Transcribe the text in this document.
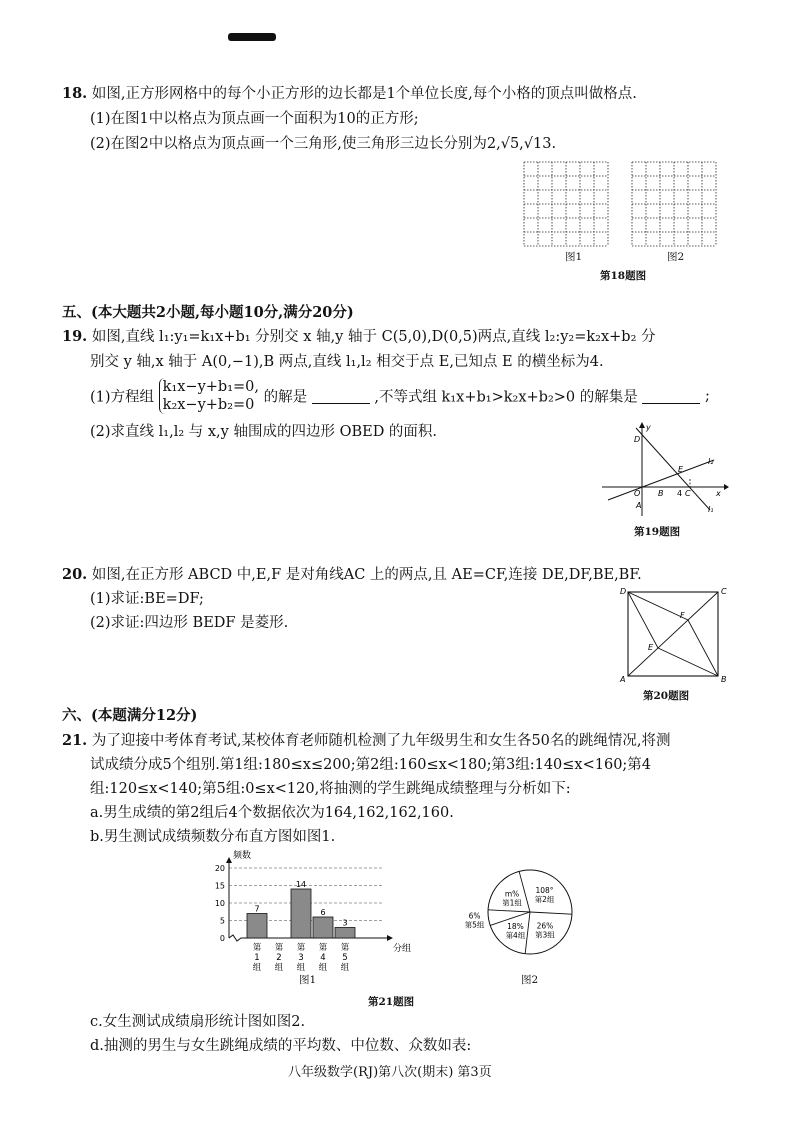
18. 如图,正方形网格中的每个小正方形的边长都是1个单位长度,每个小格的顶点叫做格点.
(1)在图1中以格点为顶点画一个面积为10的正方形;
(2)在图2中以格点为顶点画一个三角形,使三角形三边长分别为2,√5,√13.
图1	图2
第18题图
五、(本大题共2小题,每小题10分,满分20分)
19. 如图,直线 l₁:y₁=k₁x+b₁ 分别交 x 轴,y 轴于 C(5,0),D(0,5)两点,直线 l₂:y₂=k₂x+b₂ 分
别交 y 轴,x 轴于 A(0,−1),B 两点,直线 l₁,l₂ 相交于点 E,已知点 E 的横坐标为4.
(1)方程组
k₁x−y+b₁=0,
k₂x−y+b₂=0 的解是	,不等式组 k₁x+b₁>k₂x+b₂>0 的解集是	;
(2)求直线 l₁,l₂ 与 x,y 轴围成的四边形 OBED 的面积.	y
D
E
l₂
O B 4 C	x
A	l₁
第19题图
20. 如图,在正方形 ABCD 中,E,F 是对角线AC 上的两点,且 AE=CF,连接 DE,DF,BE,BF.
(1)求证:BE=DF;
(2)求证:四边形 BEDF 是菱形.
D	C
F
E
A	B
第20题图
六、(本题满分12分)
21. 为了迎接中考体育考试,某校体育老师随机检测了九年级男生和女生各50名的跳绳情况,将测
试成绩分成5个组别.第1组:180≤x≤200;第2组:160≤x<180;第3组:140≤x<160;第4
组:120≤x<140;第5组:0≤x<120,将抽测的学生跳绳成绩整理与分析如下:
a.男生成绩的第2组后4个数据依次为164,162,162,160.
b.男生测试成绩频数分布直方图如图1.
频数
分组
0
5
10
15
20
7
第
1
组
第
2
组
14
第
3
组
6
第
4
组
3
第
5
组
图1
108°
第2组
26%
第3组
18%
第4组
6%
第5组
m%
第1组
图2
第21题图
c.女生测试成绩扇形统计图如图2.
d.抽测的男生与女生跳绳成绩的平均数、中位数、众数如表:
八年级数学(RJ)第八次(期末) 第3页
